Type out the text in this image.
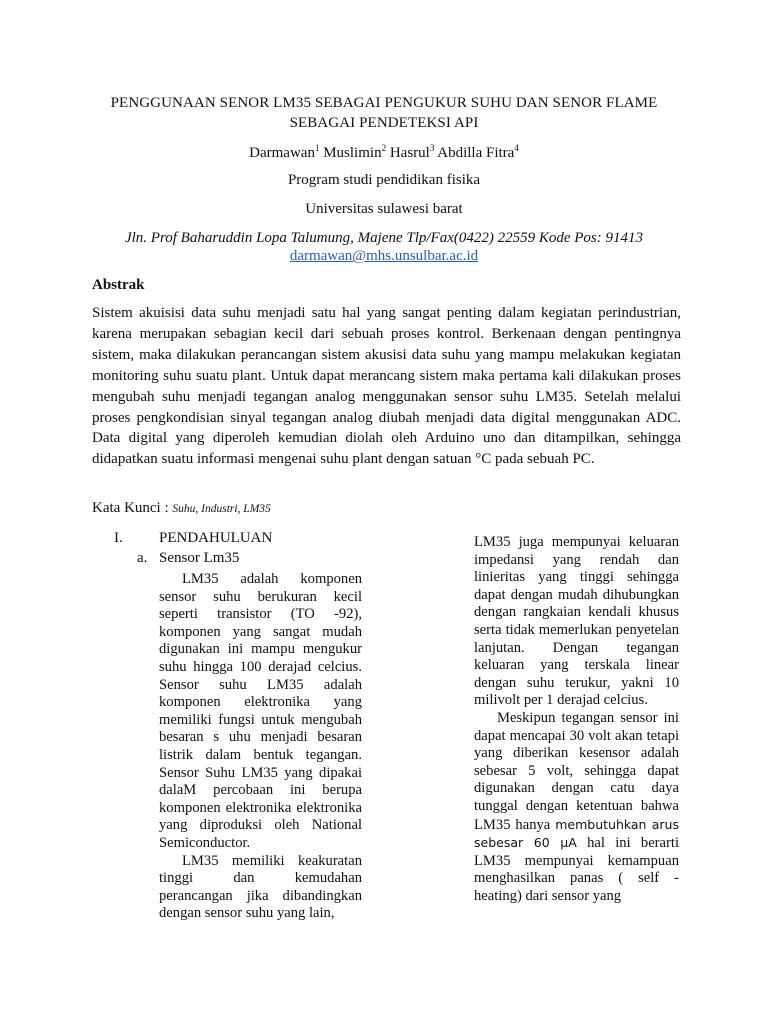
PENGGUNAAN SENOR LM35 SEBAGAI PENGUKUR SUHU DAN SENOR FLAME
SEBAGAI PENDETEKSI API
Darmawan$^1$ Muslimin$^2$ Hasrul$^3$ Abdilla Fitra$^4$
Program studi pendidikan fisika
Universitas sulawesi barat
Jln. Prof Baharuddin Lopa Talumung, Majene Tlp/Fax(0422) 22559 Kode Pos: 91413
darmawan@mhs.unsulbar.ac.id
Abstrak
Sistem akuisisi data suhu menjadi satu hal yang sangat penting dalam kegiatan perindustrian, karena merupakan sebagian kecil dari sebuah proses kontrol. Berkenaan dengan pentingnya sistem, maka dilakukan perancangan sistem akusisi data suhu yang mampu melakukan kegiatan monitoring suhu suatu plant. Untuk dapat merancang sistem maka pertama kali dilakukan proses mengubah suhu menjadi tegangan analog menggunakan sensor suhu LM35. Setelah melalui proses pengkondisian sinyal tegangan analog diubah menjadi data digital menggunakan ADC. Data digital yang diperoleh kemudian diolah oleh Arduino uno dan ditampilkan, sehingga didapatkan suatu informasi mengenai suhu plant dengan satuan °C pada sebuah PC.
Kata Kunci : Suhu, Industri, LM35
I. PENDAHULUAN
a. Sensor Lm35

LM35 adalah komponen sensor suhu berukuran kecil seperti transistor (TO -92), komponen yang sangat mudah digunakan ini mampu mengukur suhu hingga 100 derajad celcius. Sensor suhu LM35 adalah komponen elektronika yang memiliki fungsi untuk mengubah besaran s uhu menjadi besaran listrik dalam bentuk tegangan. Sensor Suhu LM35 yang dipakai dalaM percobaan ini berupa komponen elektronika elektronika yang diproduksi oleh National Semiconductor.

LM35 memiliki keakuratan tinggi dan kemudahan perancangan jika dibandingkan dengan sensor suhu yang lain,

LM35 juga mempunyai keluaran impedansi yang rendah dan linieritas yang tinggi sehingga dapat dengan mudah dihubungkan dengan rangkaian kendali khusus serta tidak memerlukan penyetelan lanjutan. Dengan tegangan keluaran yang terskala linear dengan suhu terukur, yakni 10 milivolt per 1 derajad celcius.

Meskipun tegangan sensor ini dapat mencapai 30 volt akan tetapi yang diberikan kesensor adalah sebesar 5 volt, sehingga dapat digunakan dengan catu daya tunggal dengan ketentuan bahwa LM35 hanya membutuhkan arus sebesar 60 µA hal ini berarti LM35 mempunyai kemampuan menghasilkan panas ( self -heating) dari sensor yang
